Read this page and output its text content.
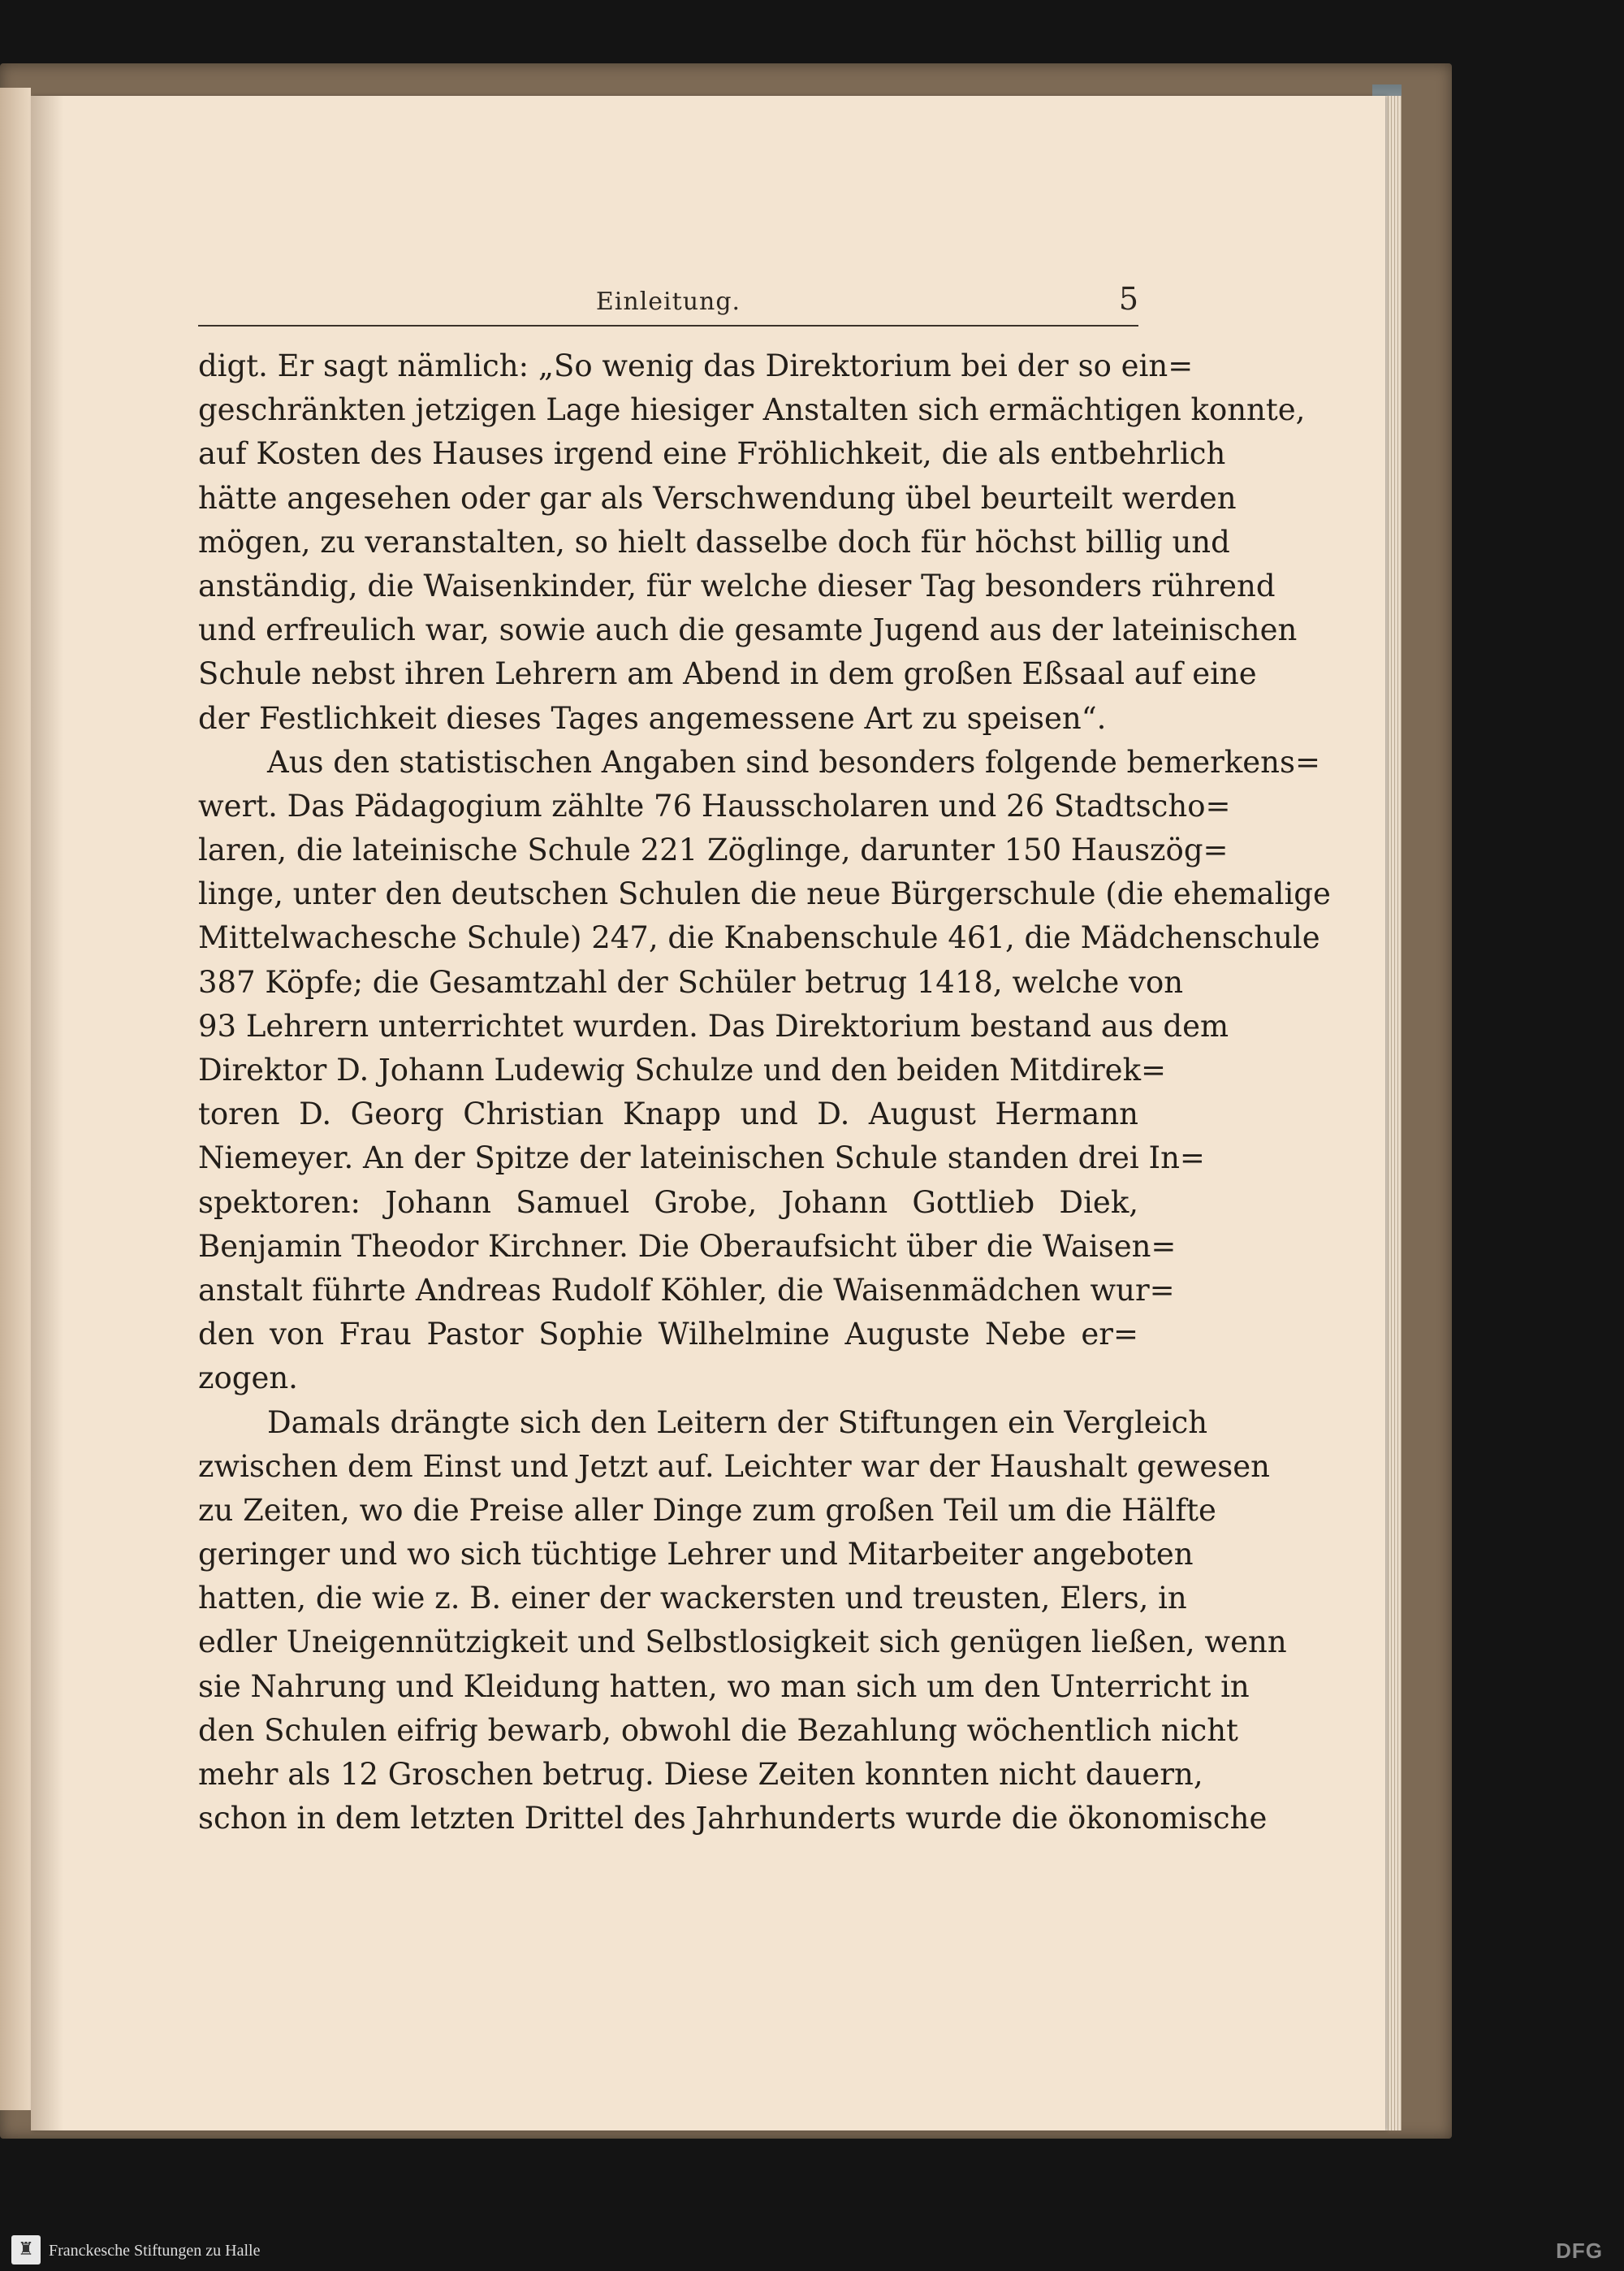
Einleitung.	5
digt. Er sagt nämlich: „So wenig das Direktorium bei der so ein=
geschränkten jetzigen Lage hiesiger Anstalten sich ermächtigen konnte,
auf Kosten des Hauses irgend eine Fröhlichkeit, die als entbehrlich
hätte angesehen oder gar als Verschwendung übel beurteilt werden
mögen, zu veranstalten, so hielt dasselbe doch für höchst billig und
anständig, die Waisenkinder, für welche dieser Tag besonders rührend
und erfreulich war, sowie auch die gesamte Jugend aus der lateinischen
Schule nebst ihren Lehrern am Abend in dem großen Eßsaal auf eine
der Festlichkeit dieses Tages angemessene Art zu speisen“.
Aus den statistischen Angaben sind besonders folgende bemerkens=
wert. Das Pädagogium zählte 76 Hausscholaren und 26 Stadtscho=
laren, die lateinische Schule 221 Zöglinge, darunter 150 Hauszög=
linge, unter den deutschen Schulen die neue Bürgerschule (die ehemalige
Mittelwachesche Schule) 247, die Knabenschule 461, die Mädchenschule
387 Köpfe; die Gesamtzahl der Schüler betrug 1418, welche von
93 Lehrern unterrichtet wurden. Das Direktorium bestand aus dem
Direktor D. Johann Ludewig Schulze und den beiden Mitdirek=
toren D. Georg Christian Knapp und D. August Hermann
Niemeyer. An der Spitze der lateinischen Schule standen drei In=
spektoren: Johann Samuel Grobe, Johann Gottlieb Diek,
Benjamin Theodor Kirchner. Die Oberaufsicht über die Waisen=
anstalt führte Andreas Rudolf Köhler, die Waisenmädchen wur=
den von Frau Pastor Sophie Wilhelmine Auguste Nebe er=
zogen.
Damals drängte sich den Leitern der Stiftungen ein Vergleich
zwischen dem Einst und Jetzt auf. Leichter war der Haushalt gewesen
zu Zeiten, wo die Preise aller Dinge zum großen Teil um die Hälfte
geringer und wo sich tüchtige Lehrer und Mitarbeiter angeboten
hatten, die wie z. B. einer der wackersten und treusten, Elers, in
edler Uneigennützigkeit und Selbstlosigkeit sich genügen ließen, wenn
sie Nahrung und Kleidung hatten, wo man sich um den Unterricht in
den Schulen eifrig bewarb, obwohl die Bezahlung wöchentlich nicht
mehr als 12 Groschen betrug. Diese Zeiten konnten nicht dauern,
schon in dem letzten Drittel des Jahrhunderts wurde die ökonomische
♜ Franckesche Stiftungen zu Halle	DFG
